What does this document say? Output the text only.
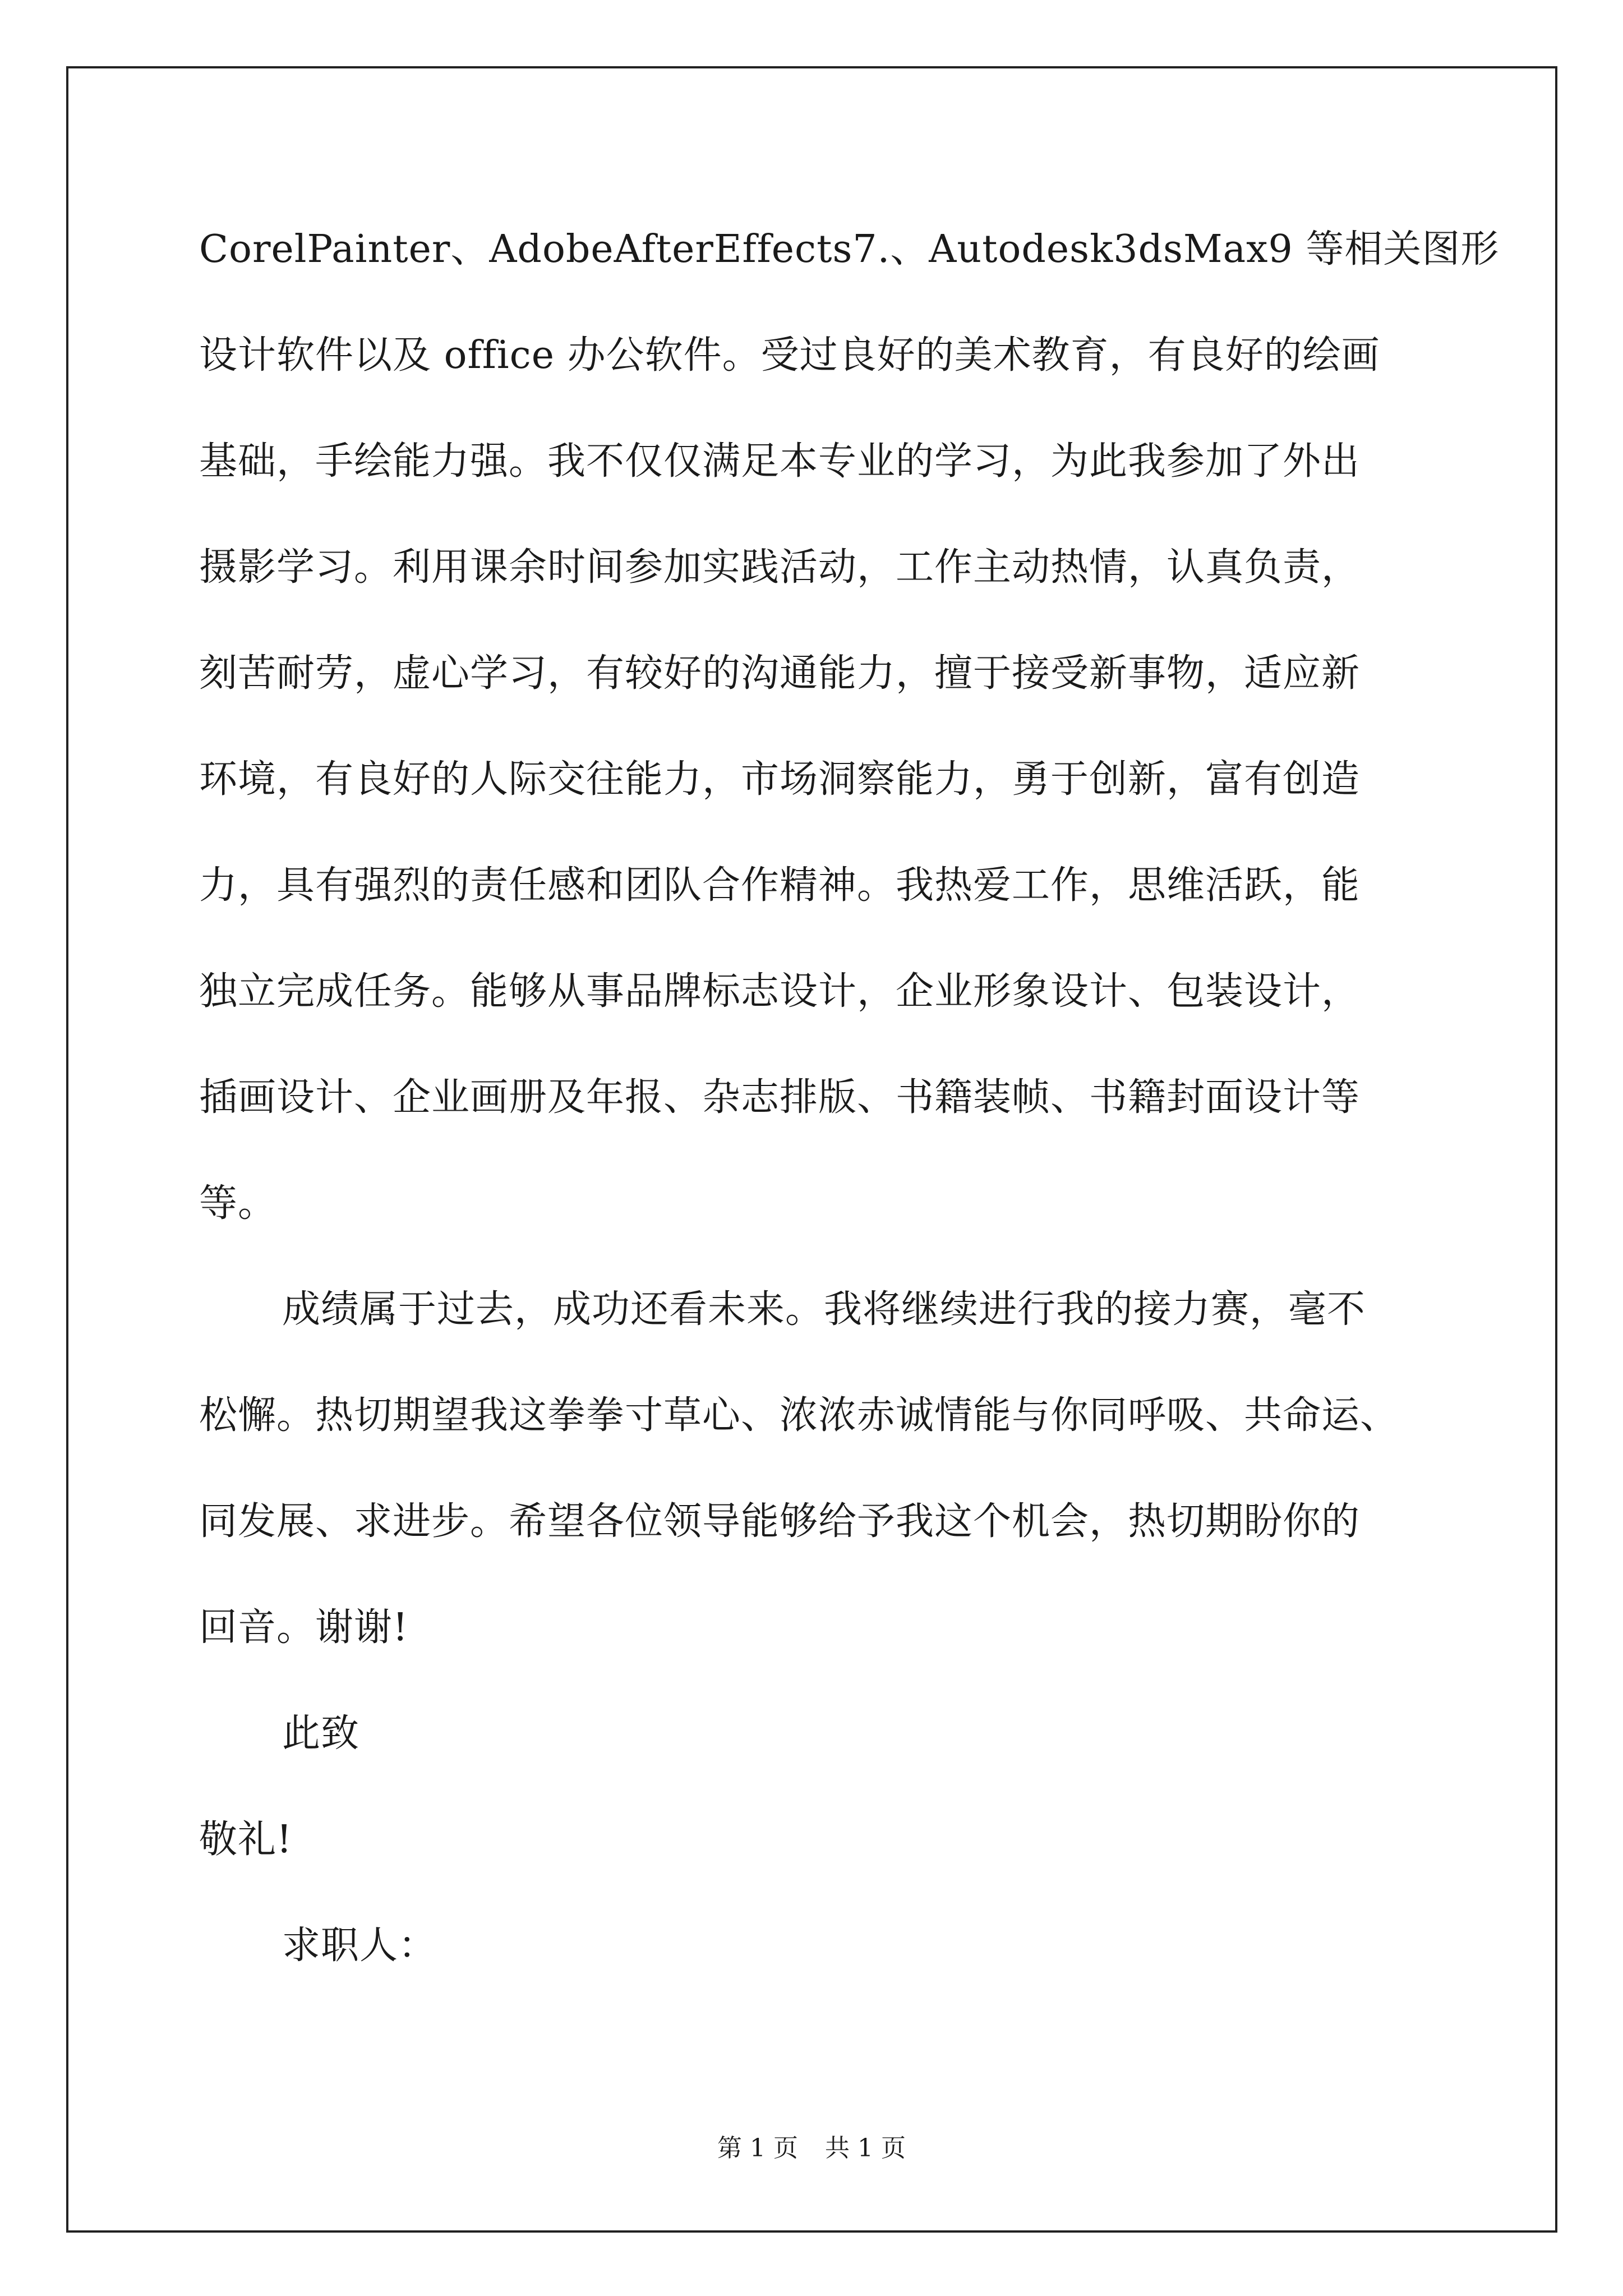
CorelPainter、AdobeAfterEffects7.、Autodesk3dsMax9 等相关图形
设计软件以及 office 办公软件。受过良好的美术教育，有良好的绘画
基础，手绘能力强。我不仅仅满足本专业的学习，为此我参加了外出
摄影学习。利用课余时间参加实践活动，工作主动热情，认真负责，
刻苦耐劳，虚心学习，有较好的沟通能力，擅于接受新事物，适应新
环境，有良好的人际交往能力，市场洞察能力，勇于创新，富有创造
力，具有强烈的责任感和团队合作精神。我热爱工作，思维活跃，能
独立完成任务。能够从事品牌标志设计，企业形象设计、包装设计，
插画设计、企业画册及年报、杂志排版、书籍装帧、书籍封面设计等
等。
成绩属于过去，成功还看未来。我将继续进行我的接力赛，毫不
松懈。热切期望我这拳拳寸草心、浓浓赤诚情能与你同呼吸、共命运、
同发展、求进步。希望各位领导能够给予我这个机会，热切期盼你的
回音。谢谢!
此致
敬礼!
求职人：
第 1 页 共 1 页
